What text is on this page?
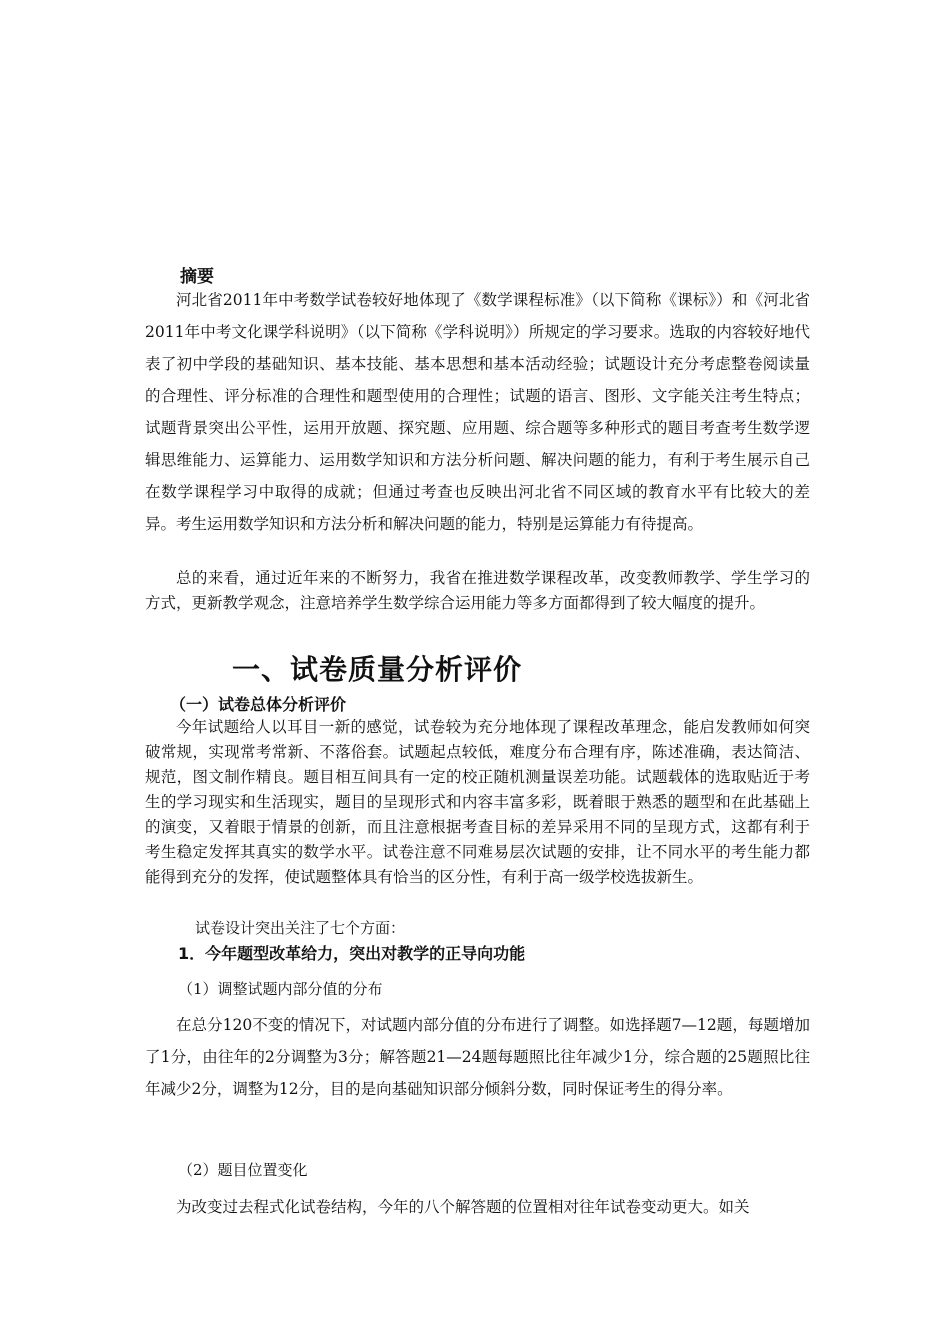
摘要

河北省2011年中考数学试卷较好地体现了《数学课程标准》（以下简称《课标》）和《河北省2011年中考文化课学科说明》（以下简称《学科说明》）所规定的学习要求。选取的内容较好地代表了初中学段的基础知识、基本技能、基本思想和基本活动经验；试题设计充分考虑整卷阅读量的合理性、评分标准的合理性和题型使用的合理性；试题的语言、图形、文字能关注考生特点；试题背景突出公平性，运用开放题、探究题、应用题、综合题等多种形式的题目考查考生数学逻辑思维能力、运算能力、运用数学知识和方法分析问题、解决问题的能力，有利于考生展示自己在数学课程学习中取得的成就；但通过考查也反映出河北省不同区域的教育水平有比较大的差异。考生运用数学知识和方法分析和解决问题的能力，特别是运算能力有待提高。

总的来看，通过近年来的不断努力，我省在推进数学课程改革，改变教师教学、学生学习的方式，更新教学观念，注意培养学生数学综合运用能力等多方面都得到了较大幅度的提升。

一、试卷质量分析评价
（一）试卷总体分析评价

今年试题给人以耳目一新的感觉，试卷较为充分地体现了课程改革理念，能启发教师如何突破常规，实现常考常新、不落俗套。试题起点较低，难度分布合理有序，陈述准确，表达简洁、规范，图文制作精良。题目相互间具有一定的校正随机测量误差功能。试题载体的选取贴近于考生的学习现实和生活现实，题目的呈现形式和内容丰富多彩，既着眼于熟悉的题型和在此基础上的演变，又着眼于情景的创新，而且注意根据考查目标的差异采用不同的呈现方式，这都有利于考生稳定发挥其真实的数学水平。试卷注意不同难易层次试题的安排，让不同水平的考生能力都能得到充分的发挥，使试题整体具有恰当的区分性，有利于高一级学校选拔新生。

试卷设计突出关注了七个方面：

1．今年题型改革给力，突出对教学的正导向功能

（1）调整试题内部分值的分布

在总分120不变的情况下，对试题内部分值的分布进行了调整。如选择题7—12题，每题增加了1分，由往年的2分调整为3分；解答题21—24题每题照比往年减少1分，综合题的25题照比往年减少2分，调整为12分，目的是向基础知识部分倾斜分数，同时保证考生的得分率。

（2）题目位置变化

为改变过去程式化试卷结构，今年的八个解答题的位置相对往年试卷变动更大。如关
